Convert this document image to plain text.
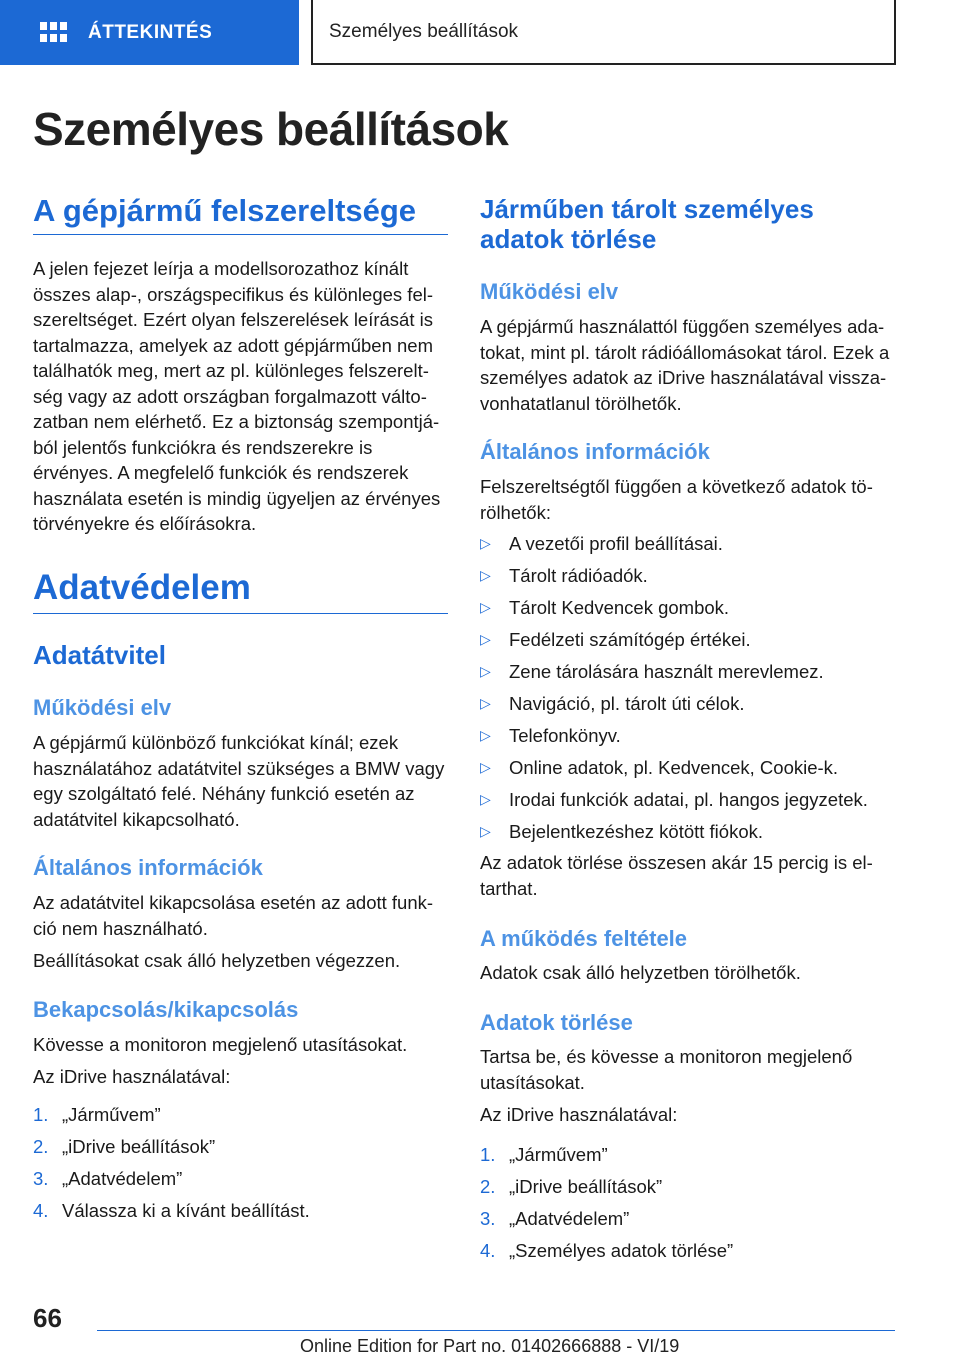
ÁTTEKINTÉS	Személyes beállítások
Személyes beállítások
A gépjármű felszereltsége
A jelen fejezet leírja a modellsorozathoz kínált összes alap-, országspecifikus és különleges felszereltséget. Ezért olyan felszerelések leírását is tartalmazza, amelyek az adott gépjárműben nem találhatók meg, mert az pl. különleges felszereltség vagy az adott országban forgalmazott változatban nem elérhető. Ez a biztonság szempontjából jelentős funkciókra és rendszerekre is érvényes. A megfelelő funkciók és rendszerek használata esetén is mindig ügyeljen az érvényes törvényekre és előírásokra.
Adatvédelem
Adatátvitel
Működési elv
A gépjármű különböző funkciókat kínál; ezek használatához adatátvitel szükséges a BMW vagy egy szolgáltató felé. Néhány funkció esetén az adatátvitel kikapcsolható.
Általános információk
Az adatátvitel kikapcsolása esetén az adott funkció nem használható.
Beállításokat csak álló helyzetben végezzen.
Bekapcsolás/kikapcsolás
Kövesse a monitoron megjelenő utasításokat.
Az iDrive használatával:
1. „Járművem”
2. „iDrive beállítások”
3. „Adatvédelem”
4. Válassza ki a kívánt beállítást.
Járműben tárolt személyes adatok törlése
Működési elv
A gépjármű használattól függően személyes adatokat, mint pl. tárolt rádióállomásokat tárol. Ezek a személyes adatok az iDrive használatával visszavonhatatlanul törölhetők.
Általános információk
Felszereltségtől függően a következő adatok törölhetők:
▷ A vezetői profil beállításai.
▷ Tárolt rádióadók.
▷ Tárolt Kedvencek gombok.
▷ Fedélzeti számítógép értékei.
▷ Zene tárolására használt merevlemez.
▷ Navigáció, pl. tárolt úti célok.
▷ Telefonkönyv.
▷ Online adatok, pl. Kedvencek, Cookie-k.
▷ Irodai funkciók adatai, pl. hangos jegyzetek.
▷ Bejelentkezéshez kötött fiókok.
Az adatok törlése összesen akár 15 percig is eltarthat.
A működés feltétele
Adatok csak álló helyzetben törölhetők.
Adatok törlése
Tartsa be, és kövesse a monitoron megjelenő utasításokat.
Az iDrive használatával:
1. „Járművem”
2. „iDrive beállítások”
3. „Adatvédelem”
4. „Személyes adatok törlése”
66
Online Edition for Part no. 01402666888 - VI/19
